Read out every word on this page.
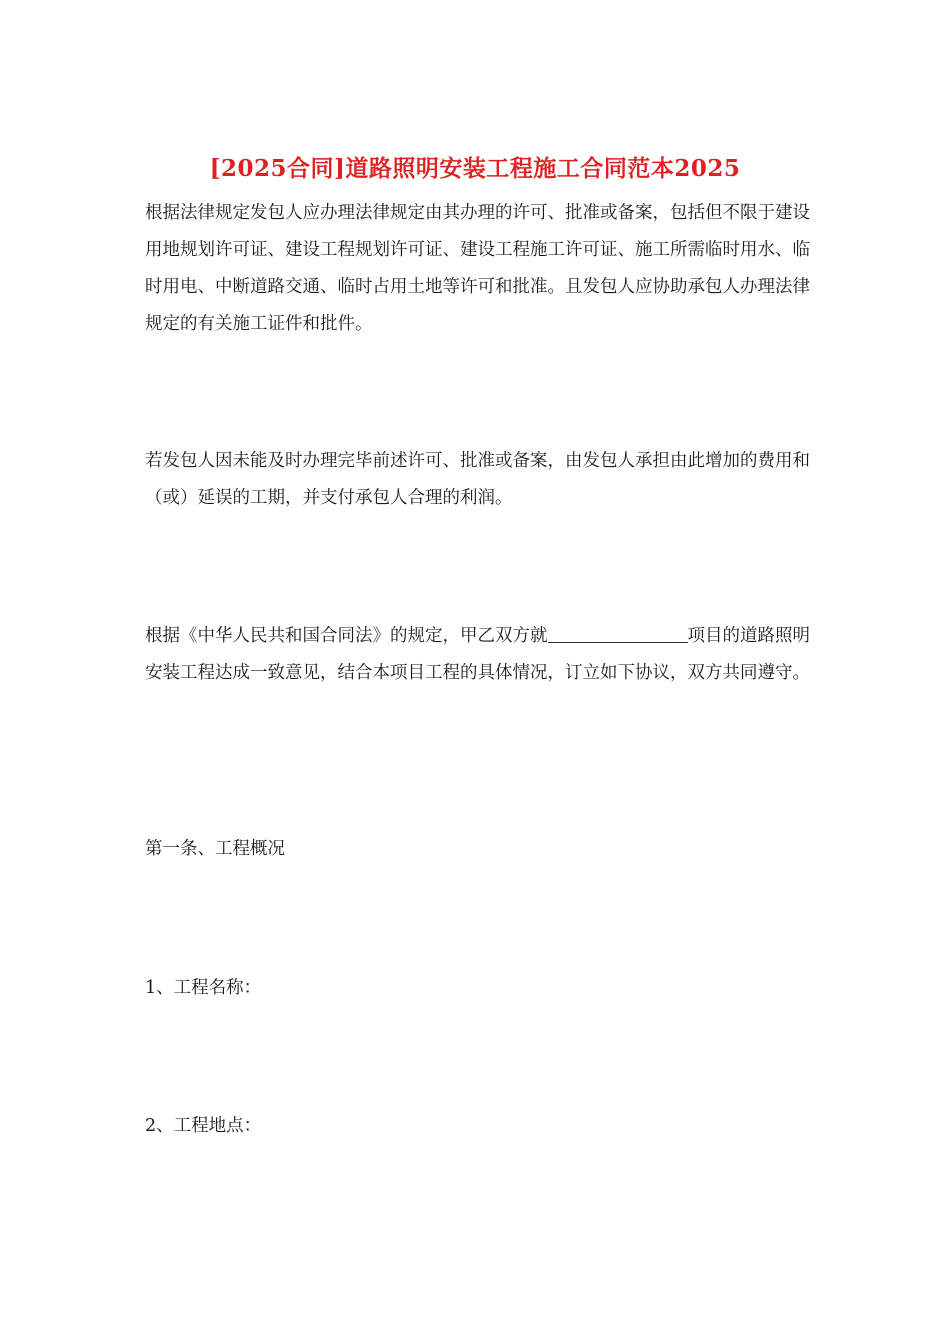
[2025合同]道路照明安装工程施工合同范本2025

根据法律规定发包人应办理法律规定由其办理的许可、批准或备案，包括但不限于建设用地规划许可证、建设工程规划许可证、建设工程施工许可证、施工所需临时用水、临时用电、中断道路交通、临时占用土地等许可和批准。且发包人应协助承包人办理法律规定的有关施工证件和批件。

若发包人因未能及时办理完毕前述许可、批准或备案，由发包人承担由此增加的费用和（或）延误的工期，并支付承包人合理的利润。

根据《中华人民共和国合同法》的规定，甲乙双方就	项目的道路照明安装工程达成一致意见，结合本项目工程的具体情况，订立如下协议，双方共同遵守。

第一条、工程概况

1、工程名称：

2、工程地点：
